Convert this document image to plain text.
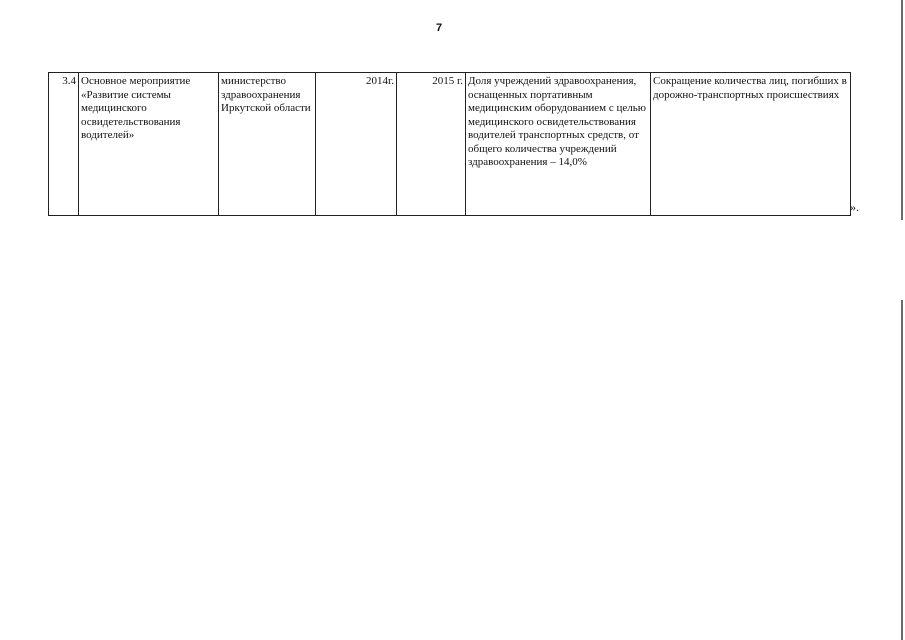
7
3.4	Основное мероприятие «Развитие системы медицинского освидетельствования водителей»	министерство здравоохранения Иркутской области	2014г.	2015 г.	Доля учреждений здравоохранения, оснащенных портативным медицинским оборудованием с целью медицинского освидетельствования водителей транспортных средств, от общего количества учреждений здравоохранения – 14,0%	Сокращение количества лиц, погибших в дорожно-транспортных происшествиях
».
